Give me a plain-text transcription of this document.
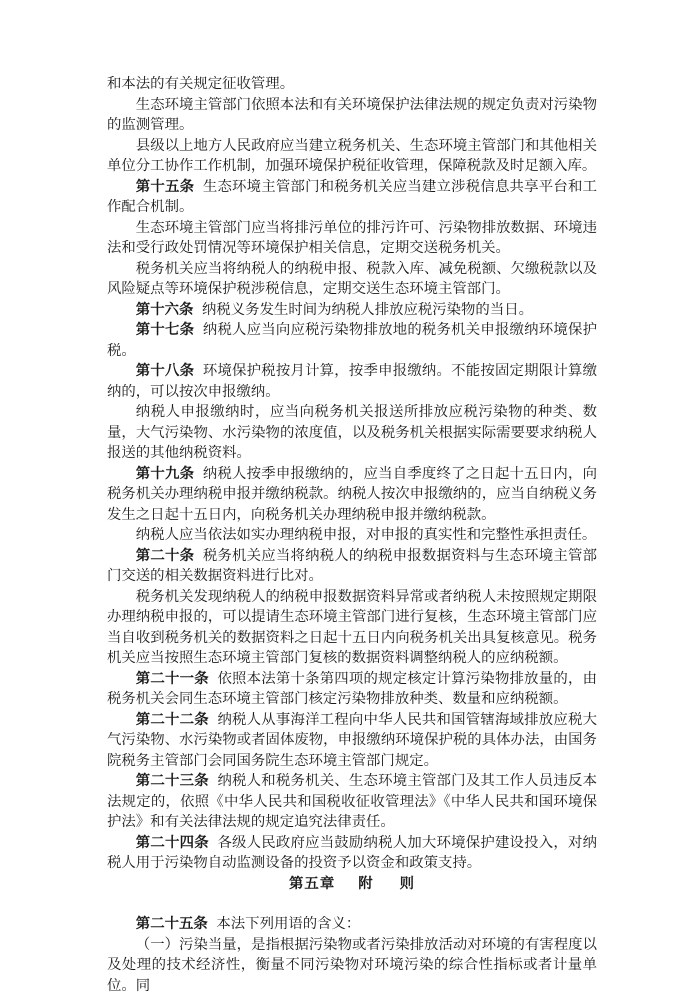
和本法的有关规定征收管理。

生态环境主管部门依照本法和有关环境保护法律法规的规定负责对污染物的监测管理。

县级以上地方人民政府应当建立税务机关、生态环境主管部门和其他相关单位分工协作工作机制，加强环境保护税征收管理，保障税款及时足额入库。

第十五条 生态环境主管部门和税务机关应当建立涉税信息共享平台和工作配合机制。

生态环境主管部门应当将排污单位的排污许可、污染物排放数据、环境违法和受行政处罚情况等环境保护相关信息，定期交送税务机关。

税务机关应当将纳税人的纳税申报、税款入库、减免税额、欠缴税款以及风险疑点等环境保护税涉税信息，定期交送生态环境主管部门。

第十六条 纳税义务发生时间为纳税人排放应税污染物的当日。

第十七条 纳税人应当向应税污染物排放地的税务机关申报缴纳环境保护税。

第十八条 环境保护税按月计算，按季申报缴纳。不能按固定期限计算缴纳的，可以按次申报缴纳。

纳税人申报缴纳时，应当向税务机关报送所排放应税污染物的种类、数量，大气污染物、水污染物的浓度值，以及税务机关根据实际需要要求纳税人报送的其他纳税资料。

第十九条 纳税人按季申报缴纳的，应当自季度终了之日起十五日内，向税务机关办理纳税申报并缴纳税款。纳税人按次申报缴纳的，应当自纳税义务发生之日起十五日内，向税务机关办理纳税申报并缴纳税款。

纳税人应当依法如实办理纳税申报，对申报的真实性和完整性承担责任。

第二十条 税务机关应当将纳税人的纳税申报数据资料与生态环境主管部门交送的相关数据资料进行比对。

税务机关发现纳税人的纳税申报数据资料异常或者纳税人未按照规定期限办理纳税申报的，可以提请生态环境主管部门进行复核，生态环境主管部门应当自收到税务机关的数据资料之日起十五日内向税务机关出具复核意见。税务机关应当按照生态环境主管部门复核的数据资料调整纳税人的应纳税额。

第二十一条 依照本法第十条第四项的规定核定计算污染物排放量的，由税务机关会同生态环境主管部门核定污染物排放种类、数量和应纳税额。

第二十二条 纳税人从事海洋工程向中华人民共和国管辖海域排放应税大气污染物、水污染物或者固体废物，申报缴纳环境保护税的具体办法，由国务院税务主管部门会同国务院生态环境主管部门规定。

第二十三条 纳税人和税务机关、生态环境主管部门及其工作人员违反本法规定的，依照《中华人民共和国税收征收管理法》《中华人民共和国环境保护法》和有关法律法规的规定追究法律责任。

第二十四条 各级人民政府应当鼓励纳税人加大环境保护建设投入，对纳税人用于污染物自动监测设备的投资予以资金和政策支持。

第五章 附 则

第二十五条 本法下列用语的含义：

（一）污染当量，是指根据污染物或者污染排放活动对环境的有害程度以及处理的技术经济性，衡量不同污染物对环境污染的综合性指标或者计量单位。同
